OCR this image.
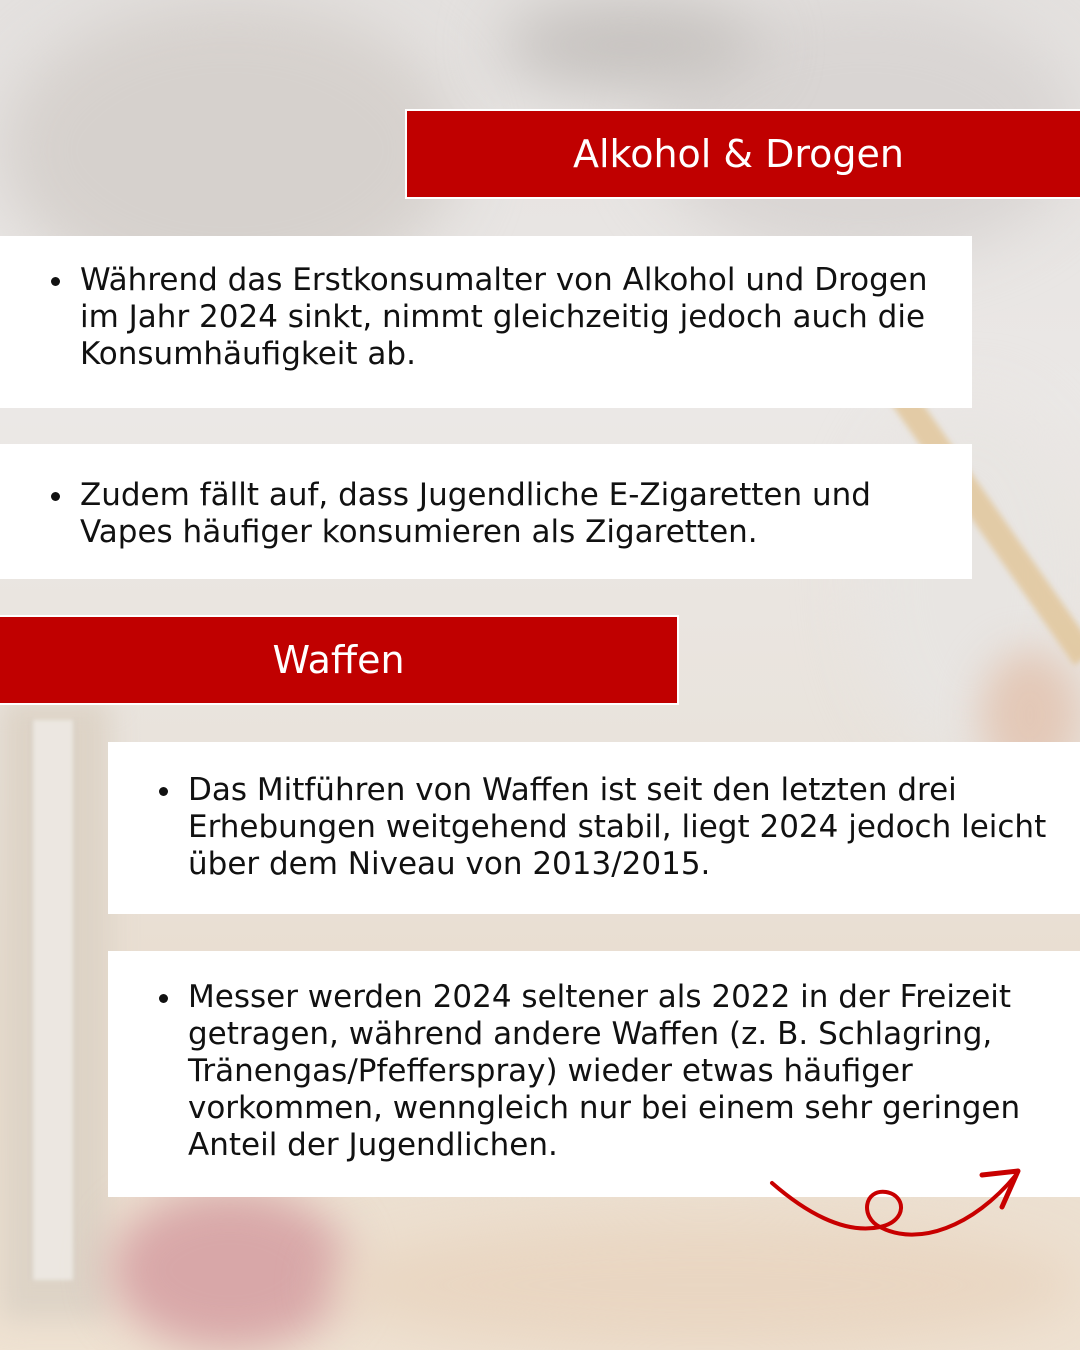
Alkohol & Drogen
• Während das Erstkonsumalter von Alkohol und Drogen im Jahr 2024 sinkt, nimmt gleichzeitig jedoch auch die Konsumhäufigkeit ab.
• Zudem fällt auf, dass Jugendliche E-Zigaretten und Vapes häufiger konsumieren als Zigaretten.
Waffen
• Das Mitführen von Waffen ist seit den letzten drei Erhebungen weitgehend stabil, liegt 2024 jedoch leicht über dem Niveau von 2013/2015.
• Messer werden 2024 seltener als 2022 in der Freizeit getragen, während andere Waffen (z. B. Schlagring, Tränengas/Pfefferspray) wieder etwas häufiger vorkommen, wenngleich nur bei einem sehr geringen Anteil der Jugendlichen.
